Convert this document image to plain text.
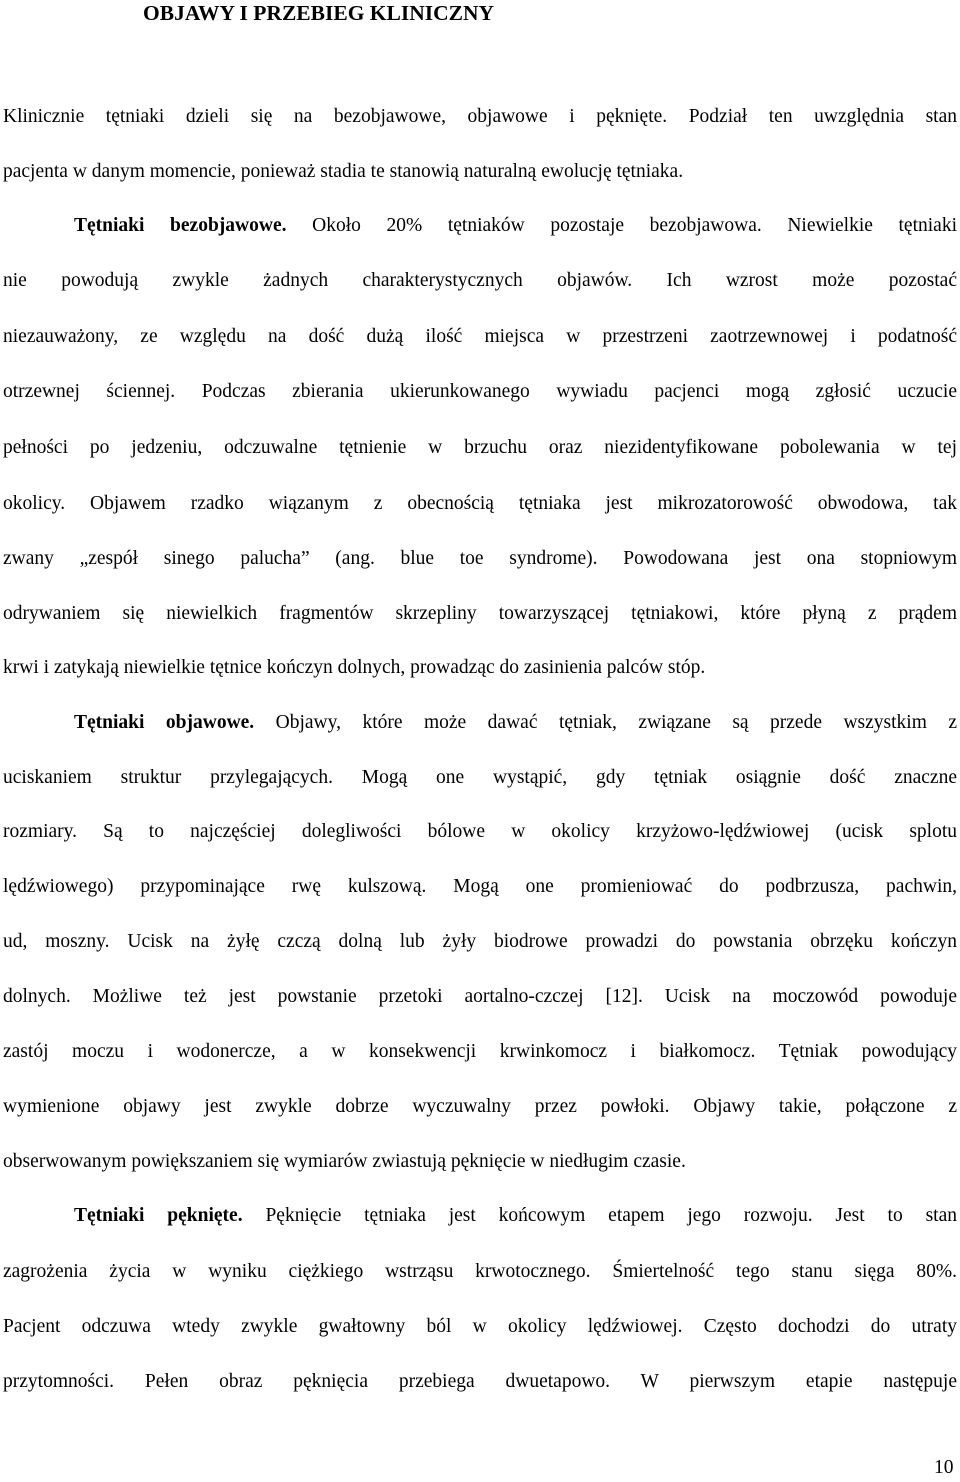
OBJAWY I PRZEBIEG KLINICZNY
Klinicznie tętniaki dzieli się na bezobjawowe, objawowe i pęknięte. Podział ten uwzględnia stan
pacjenta w danym momencie, ponieważ stadia te stanowią naturalną ewolucję tętniaka.
Tętniaki bezobjawowe. Około 20% tętniaków pozostaje bezobjawowa. Niewielkie tętniaki
nie powodują zwykle żadnych charakterystycznych objawów. Ich wzrost może pozostać
niezauważony, ze względu na dość dużą ilość miejsca w przestrzeni zaotrzewnowej i podatność
otrzewnej ściennej. Podczas zbierania ukierunkowanego wywiadu pacjenci mogą zgłosić uczucie
pełności po jedzeniu, odczuwalne tętnienie w brzuchu oraz niezidentyfikowane pobolewania w tej
okolicy. Objawem rzadko wiązanym z obecnością tętniaka jest mikrozatorowość obwodowa, tak
zwany „zespół sinego palucha” (ang. blue toe syndrome). Powodowana jest ona stopniowym
odrywaniem się niewielkich fragmentów skrzepliny towarzyszącej tętniakowi, które płyną z prądem
krwi i zatykają niewielkie tętnice kończyn dolnych, prowadząc do zasinienia palców stóp.
Tętniaki objawowe. Objawy, które może dawać tętniak, związane są przede wszystkim z
uciskaniem struktur przylegających. Mogą one wystąpić, gdy tętniak osiągnie dość znaczne
rozmiary. Są to najczęściej dolegliwości bólowe w okolicy krzyżowo-lędźwiowej (ucisk splotu
lędźwiowego) przypominające rwę kulszową. Mogą one promieniować do podbrzusza, pachwin,
ud, moszny. Ucisk na żyłę czczą dolną lub żyły biodrowe prowadzi do powstania obrzęku kończyn
dolnych. Możliwe też jest powstanie przetoki aortalno-czczej [12]. Ucisk na moczowód powoduje
zastój moczu i wodonercze, a w konsekwencji krwinkomocz i białkomocz. Tętniak powodujący
wymienione objawy jest zwykle dobrze wyczuwalny przez powłoki. Objawy takie, połączone z
obserwowanym powiększaniem się wymiarów zwiastują pęknięcie w niedługim czasie.
Tętniaki pęknięte. Pęknięcie tętniaka jest końcowym etapem jego rozwoju. Jest to stan
zagrożenia życia w wyniku ciężkiego wstrząsu krwotocznego. Śmiertelność tego stanu sięga 80%.
Pacjent odczuwa wtedy zwykle gwałtowny ból w okolicy lędźwiowej. Często dochodzi do utraty
przytomności. Pełen obraz pęknięcia przebiega dwuetapowo. W pierwszym etapie następuje
10
